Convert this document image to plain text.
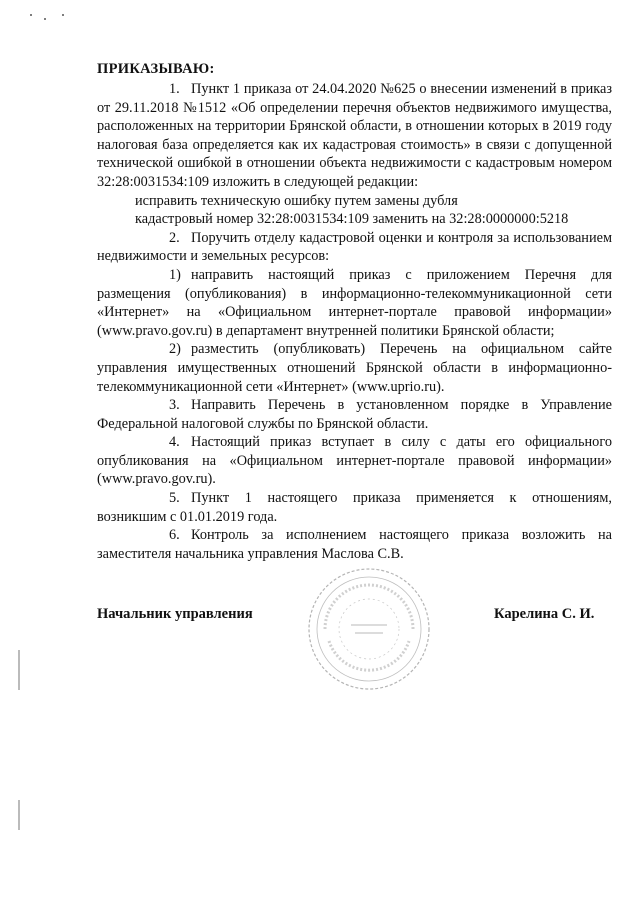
ПРИКАЗЫВАЮ:

1. Пункт 1 приказа от 24.04.2020 №625 о внесении изменений в приказ от 29.11.2018 №1512 «Об определении перечня объектов недвижимого имущества, расположенных на территории Брянской области, в отношении которых в 2019 году налоговая база определяется как их кадастровая стоимость» в связи с допущенной технической ошибкой в отношении объекта недвижимости с кадастровым номером 32:28:0031534:109 изложить в следующей редакции:

исправить техническую ошибку путем замены дубля

кадастровый номер 32:28:0031534:109 заменить на 32:28:0000000:5218

2. Поручить отделу кадастровой оценки и контроля за использованием недвижимости и земельных ресурсов:

1) направить настоящий приказ с приложением Перечня для размещения (опубликования) в информационно-телекоммуникационной сети «Интернет» на «Официальном интернет-портале правовой информации» (www.pravo.gov.ru) в департамент внутренней политики Брянской области;

2) разместить (опубликовать) Перечень на официальном сайте управления имущественных отношений Брянской области в информационно-телекоммуникационной сети «Интернет» (www.uprio.ru).

3. Направить Перечень в установленном порядке в Управление Федеральной налоговой службы по Брянской области.

4. Настоящий приказ вступает в силу с даты его официального опубликования на «Официальном интернет-портале правовой информации» (www.pravo.gov.ru).

5. Пункт 1 настоящего приказа применяется к отношениям, возникшим с 01.01.2019 года.

6. Контроль за исполнением настоящего приказа возложить на заместителя начальника управления Маслова С.В.

Начальник управления	Карелина С. И.
